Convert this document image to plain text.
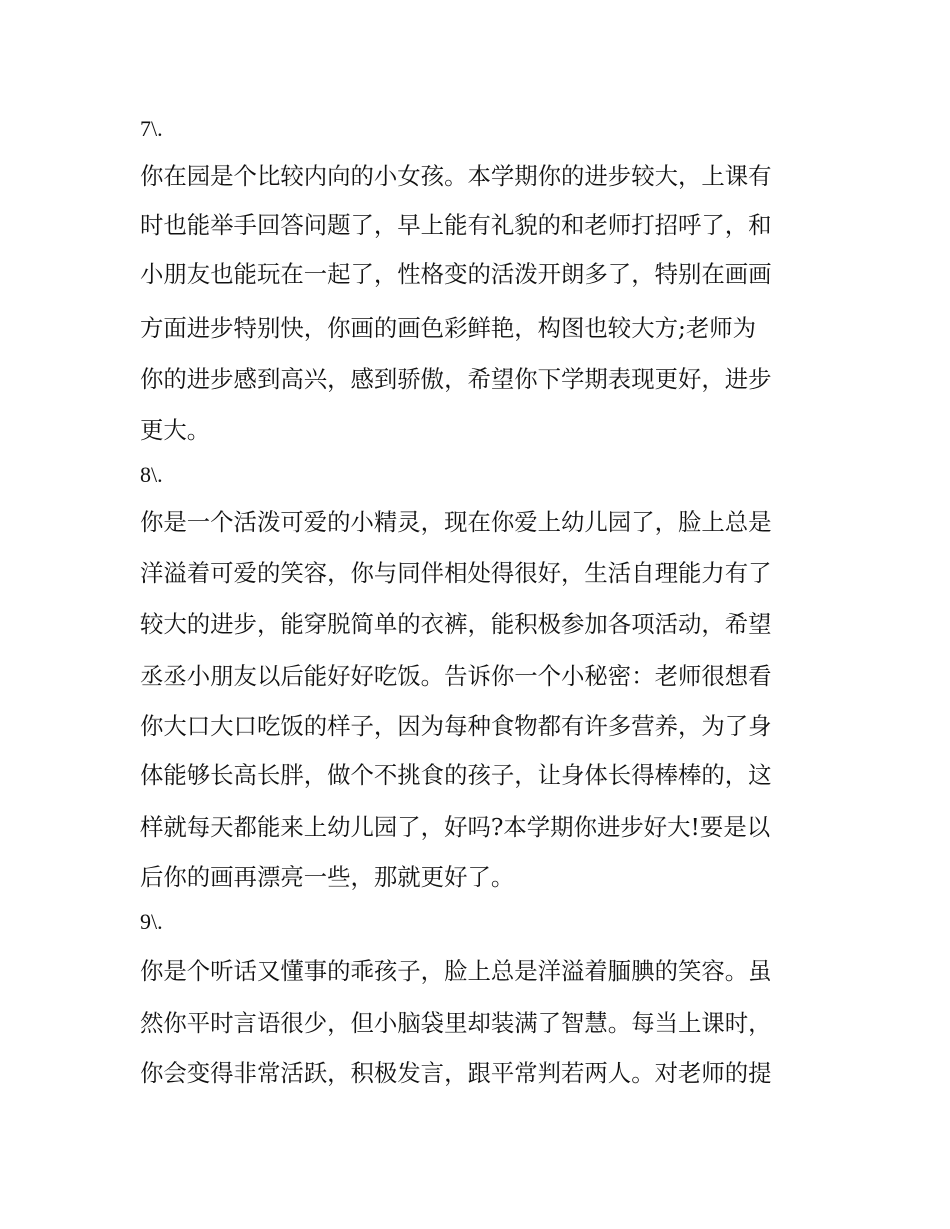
7\.
你在园是个比较内向的小女孩。本学期你的进步较大，上课有
时也能举手回答问题了，早上能有礼貌的和老师打招呼了，和
小朋友也能玩在一起了，性格变的活泼开朗多了，特别在画画
方面进步特别快，你画的画色彩鲜艳，构图也较大方;老师为
你的进步感到高兴，感到骄傲，希望你下学期表现更好，进步
更大。
8\.
你是一个活泼可爱的小精灵，现在你爱上幼儿园了，脸上总是
洋溢着可爱的笑容，你与同伴相处得很好，生活自理能力有了
较大的进步，能穿脱简单的衣裤，能积极参加各项活动，希望
丞丞小朋友以后能好好吃饭。告诉你一个小秘密：老师很想看
你大口大口吃饭的样子，因为每种食物都有许多营养，为了身
体能够长高长胖，做个不挑食的孩子，让身体长得棒棒的，这
样就每天都能来上幼儿园了，好吗?本学期你进步好大!要是以
后你的画再漂亮一些，那就更好了。
9\.
你是个听话又懂事的乖孩子，脸上总是洋溢着腼腆的笑容。虽
然你平时言语很少，但小脑袋里却装满了智慧。每当上课时，
你会变得非常活跃，积极发言，跟平常判若两人。对老师的提
